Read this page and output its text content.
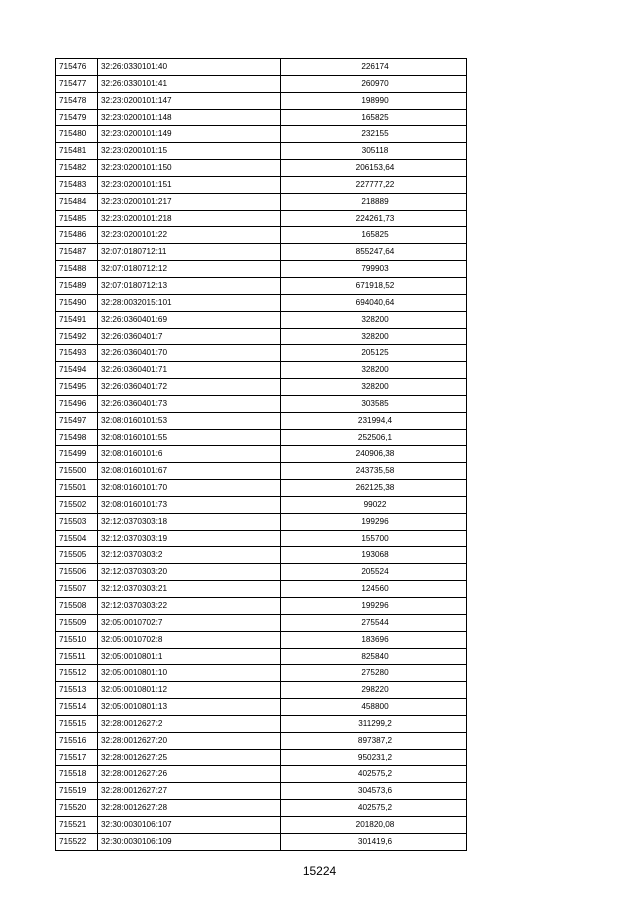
715476	32:26:0330101:40	226174
715477	32:26:0330101:41	260970
715478	32:23:0200101:147	198990
715479	32:23:0200101:148	165825
715480	32:23:0200101:149	232155
715481	32:23:0200101:15	305118
715482	32:23:0200101:150	206153,64
715483	32:23:0200101:151	227777,22
715484	32:23:0200101:217	218889
715485	32:23:0200101:218	224261,73
715486	32:23:0200101:22	165825
715487	32:07:0180712:11	855247,64
715488	32:07:0180712:12	799903
715489	32:07:0180712:13	671918,52
715490	32:28:0032015:101	694040,64
715491	32:26:0360401:69	328200
715492	32:26:0360401:7	328200
715493	32:26:0360401:70	205125
715494	32:26:0360401:71	328200
715495	32:26:0360401:72	328200
715496	32:26:0360401:73	303585
715497	32:08:0160101:53	231994,4
715498	32:08:0160101:55	252506,1
715499	32:08:0160101:6	240906,38
715500	32:08:0160101:67	243735,58
715501	32:08:0160101:70	262125,38
715502	32:08:0160101:73	99022
715503	32:12:0370303:18	199296
715504	32:12:0370303:19	155700
715505	32:12:0370303:2	193068
715506	32:12:0370303:20	205524
715507	32:12:0370303:21	124560
715508	32:12:0370303:22	199296
715509	32:05:0010702:7	275544
715510	32:05:0010702:8	183696
715511	32:05:0010801:1	825840
715512	32:05:0010801:10	275280
715513	32:05:0010801:12	298220
715514	32:05:0010801:13	458800
715515	32:28:0012627:2	311299,2
715516	32:28:0012627:20	897387,2
715517	32:28:0012627:25	950231,2
715518	32:28:0012627:26	402575,2
715519	32:28:0012627:27	304573,6
715520	32:28:0012627:28	402575,2
715521	32:30:0030106:107	201820,08
715522	32:30:0030106:109	301419,6
15224
